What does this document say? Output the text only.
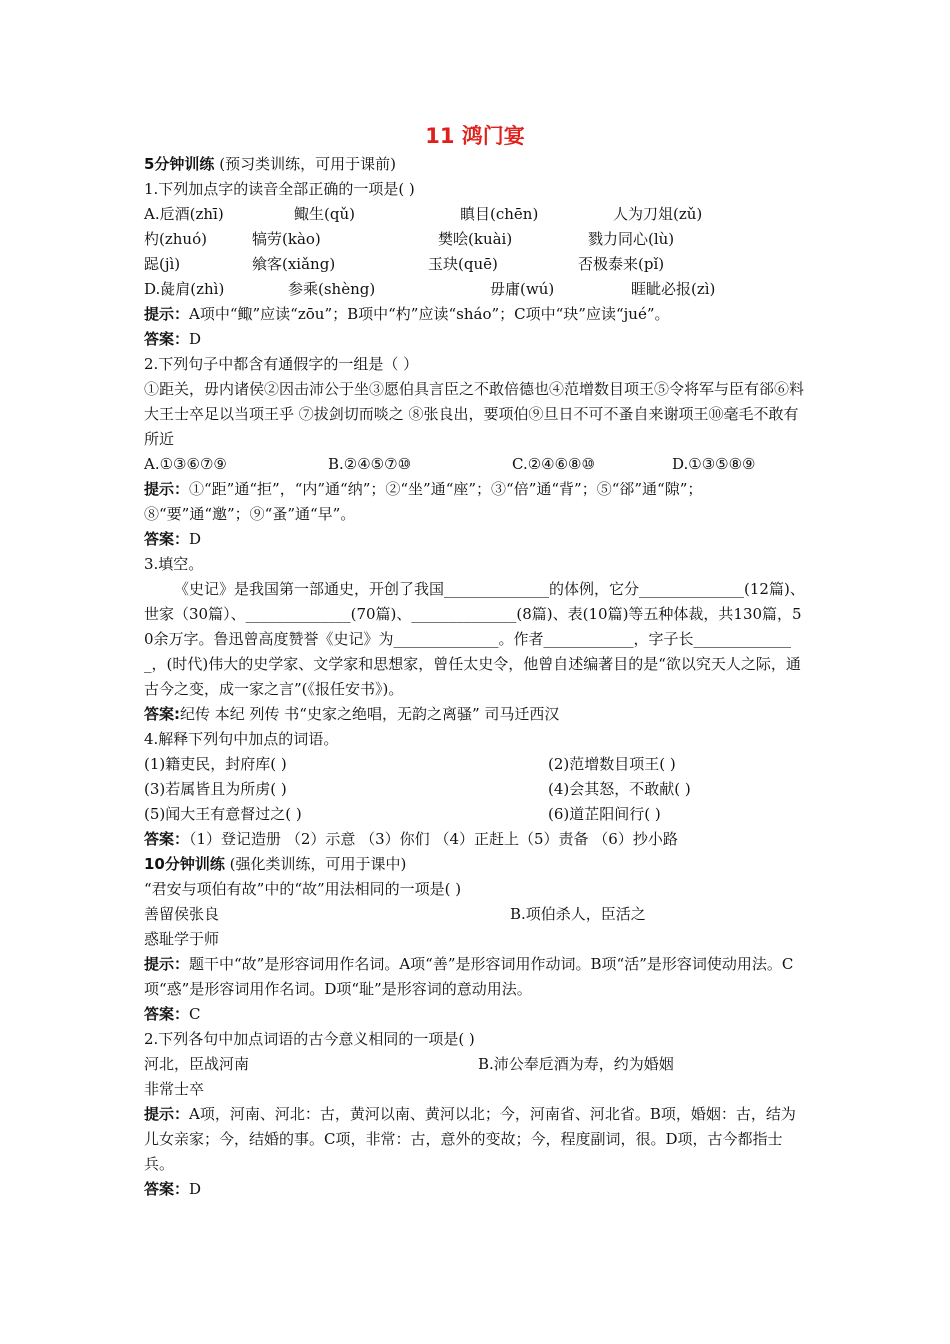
11 鸿门宴
5分钟训练 (预习类训练，可用于课前)
1.下列加点字的读音全部正确的一项是( )
A.卮酒(zhī)	鲰生(qǔ)	瞋目(chēn)	人为刀俎(zǔ)
杓(zhuó)	犒劳(kào)	樊哙(kuài)	戮力同心(lù)
跽(jì)	飨客(xiǎng)	玉玦(quē)	否极泰来(pǐ)
D.彘肩(zhì)	参乘(shèng)	毋庸(wú)	睚眦必报(zì)
提示：A项中“鲰”应读“zōu”；B项中“杓”应读“sháo”；C项中“玦”应读“jué”。
答案：D
2.下列句子中都含有通假字的一组是（ ）
①距关，毋内诸侯②因击沛公于坐③愿伯具言臣之不敢倍德也④范增数目项王⑤令将军与臣有郤⑥料大王士卒足以当项王乎 ⑦拔剑切而啖之 ⑧张良出，要项伯⑨旦日不可不蚤自来谢项王⑩毫毛不敢有所近
A.①③⑥⑦⑨	B.②④⑤⑦⑩	C.②④⑥⑧⑩	D.①③⑤⑧⑨
提示：①“距”通“拒”，“内”通“纳”；②“坐”通“座”；③“倍”通“背”；⑤“郤”通“隙”；⑧“要”通“邀”；⑨“蚤”通“早”。
答案：D
3.填空。
《史记》是我国第一部通史，开创了我国______________的体例，它分______________(12篇)、世家（30篇）、______________(70篇)、______________(8篇)、表(10篇)等五种体裁，共130篇，50余万字。鲁迅曾高度赞誉《史记》为______________。作者____________，字子长______________，(时代)伟大的史学家、文学家和思想家，曾任太史令，他曾自述编著目的是“欲以究天人之际，通古今之变，成一家之言”(《报任安书》)。
答案:纪传 本纪 列传 书“史家之绝唱，无韵之离骚” 司马迁西汉
4.解释下列句中加点的词语。
(1)籍吏民，封府库( )	(2)范增数目项王( )
(3)若属皆且为所虏( )	(4)会其怒，不敢献( )
(5)闻大王有意督过之( )	(6)道芷阳间行( )
答案：（1）登记造册 （2）示意 （3）你们 （4）正赶上（5）责备 （6）抄小路
10分钟训练 (强化类训练，可用于课中)
“君安与项伯有故”中的“故”用法相同的一项是( )
善留侯张良	B.项伯杀人，臣活之
惑耻学于师
提示：题干中“故”是形容词用作名词。A项“善”是形容词用作动词。B项“活”是形容词使动用法。C项“惑”是形容词用作名词。D项“耻”是形容词的意动用法。
答案：C
2.下列各句中加点词语的古今意义相同的一项是( )
河北，臣战河南	B.沛公奉卮酒为寿，约为婚姻
非常士卒
提示：A项，河南、河北：古，黄河以南、黄河以北；今，河南省、河北省。B项，婚姻：古，结为儿女亲家；今，结婚的事。C项，非常：古，意外的变故；今，程度副词，很。D项，古今都指士兵。
答案：D
